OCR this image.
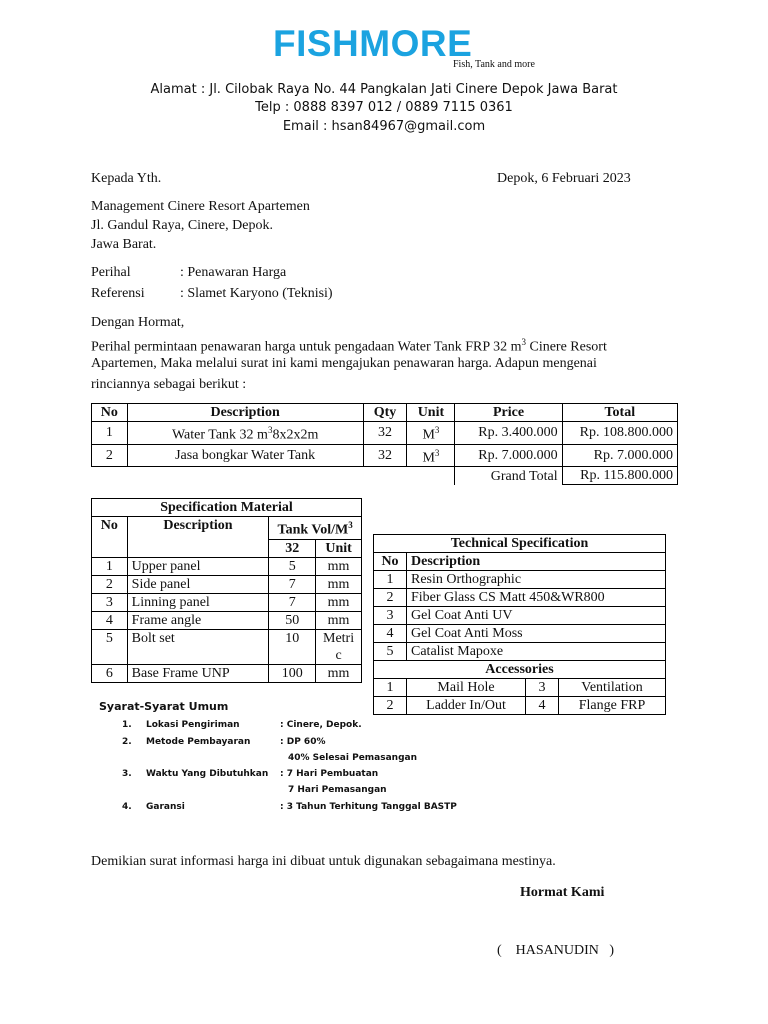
FISHMORE
Fish, Tank and more
Alamat : Jl. Cilobak Raya No. 44 Pangkalan Jati Cinere Depok Jawa Barat
Telp : 0888 8397 012 / 0889 7115 0361
Email : hsan84967@gmail.com
Kepada Yth.	Depok, 6 Februari 2023
Management Cinere Resort Apartemen
Jl. Gandul Raya, Cinere, Depok.
Jawa Barat.
Perihal	: Penawaran Harga
Referensi	: Slamet Karyono (Teknisi)
Dengan Hormat,
Perihal permintaan penawaran harga untuk pengadaan Water Tank FRP 32 $m^3$ Cinere Resort
Apartemen, Maka melalui surat ini kami mengajukan penawaran harga. Adapun mengenai
rinciannya sebagai berikut :
No	Description	Qty	Unit	Price	Total
1	Water Tank 32 $m^38x2x2m$	32	$M^3$	Rp. 3.400.000	Rp. 108.800.000
2	Jasa bongkar Water Tank	32	$M^3$	Rp. 7.000.000	Rp. 7.000.000
				Grand Total	Rp. 115.800.000
Specification Material			
No	Description	Tank Vol/$M^3$
		32	Unit
1	Upper panel	5	mm
2	Side panel	7	mm
3	Linning panel	7	mm
4	Frame angle	50	mm
5	Bolt set	10	Metric
6	Base Frame UNP	100	mm
Technical Specification			
No	Description		
1	Resin Orthographic		
2	Fiber Glass CS Matt 450&WR800		
3	Gel Coat Anti UV		
4	Gel Coat Anti Moss		
5	Catalist Mapoxe		
Accessories			
1	Mail Hole	3	Ventilation
2	Ladder In/Out	4	Flange FRP
Syarat-Syarat Umum
1. Lokasi Pengiriman	: Cinere, Depok.
2. Metode Pembayaran	: DP 60%
40% Selesai Pemasangan
3. Waktu Yang Dibutuhkan : 7 Hari Pembuatan
7 Hari Pemasangan
4. Garansi	: 3 Tahun Terhitung Tanggal BASTP
Demikian surat informasi harga ini dibuat untuk digunakan sebagaimana mestinya.
Hormat Kami
(    HASANUDIN   )
